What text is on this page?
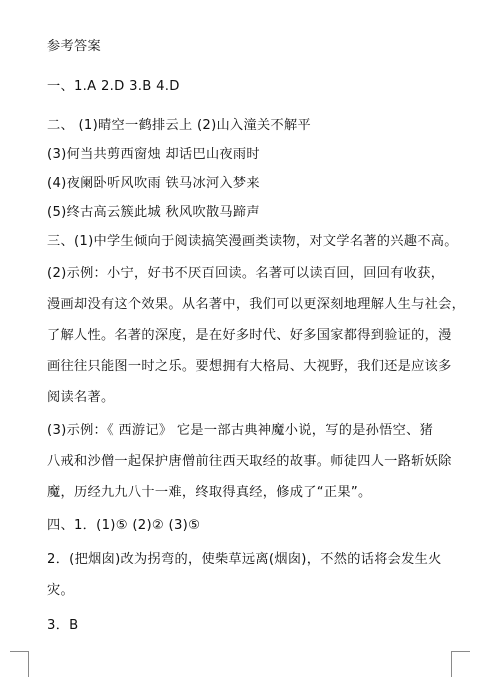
参考答案
一、1.A 2.D 3.B 4.D
二、 (1)晴空一鹤排云上 (2)山入潼关不解平
(3)何当共剪西窗烛 却话巴山夜雨时
(4)夜阑卧听风吹雨 铁马冰河入梦来
(5)终古高云簇此城 秋风吹散马蹄声
三、(1)中学生倾向于阅读搞笑漫画类读物，对文学名著的兴趣不高。
(2)示例：小宁，好书不厌百回读。名著可以读百回，回回有收获，
漫画却没有这个效果。从名著中，我们可以更深刻地理解人生与社会，
了解人性。名著的深度，是在好多时代、好多国家都得到验证的，漫
画往往只能图一时之乐。要想拥有大格局、大视野，我们还是应该多
阅读名著。
(3)示例：《 西游记》 它是一部古典神魔小说，写的是孙悟空、猪
八戒和沙僧一起保护唐僧前往西天取经的故事。师徒四人一路斩妖除
魔，历经九九八十一难，终取得真经，修成了“正果”。
四、1．(1)⑤ (2)② (3)⑤
2．(把烟囱)改为拐弯的，使柴草远离(烟囱)，不然的话将会发生火
灾。
3．B
